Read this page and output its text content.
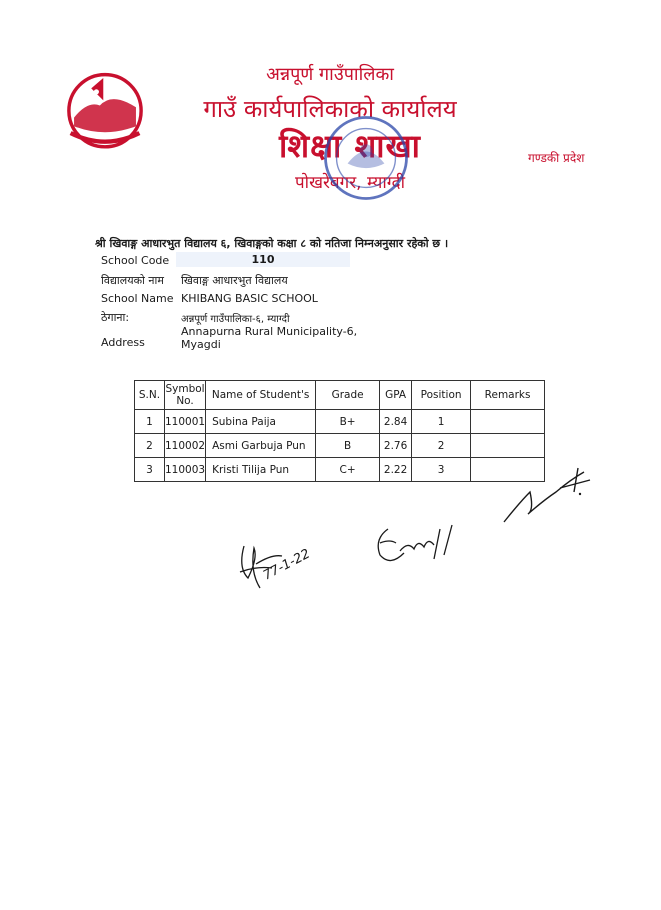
अन्नपूर्ण गाउँपालिका
गाउँ कार्यपालिकाको कार्यालय
शिक्षा शाखा
पोखरेबगर, म्याग्दी
गण्डकी प्रदेश
श्री खिवाङ्ग आधारभुत विद्यालय ६, खिवाङ्गको कक्षा ८ को नतिजा निम्नअनुसार रहेको छ ।
School Code	110
विद्यालयको नाम खिवाङ्ग आधारभुत विद्यालय
School Name KHIBANG BASIC SCHOOL
ठेगाना:	अन्नपूर्ण गाउँपालिका-६, म्याग्दी
Annapurna Rural Municipality-6,
Myagdi
Address
S.N.	Symbol No.	Name of Student's	Grade	GPA	Position	Remarks
1	110001	Subina Paija	B+	2.84	1	
2	110002	Asmi Garbuja Pun	B	2.76	2	
3	110003	Kristi Tilija Pun	C+	2.22	3	
77-1-22
